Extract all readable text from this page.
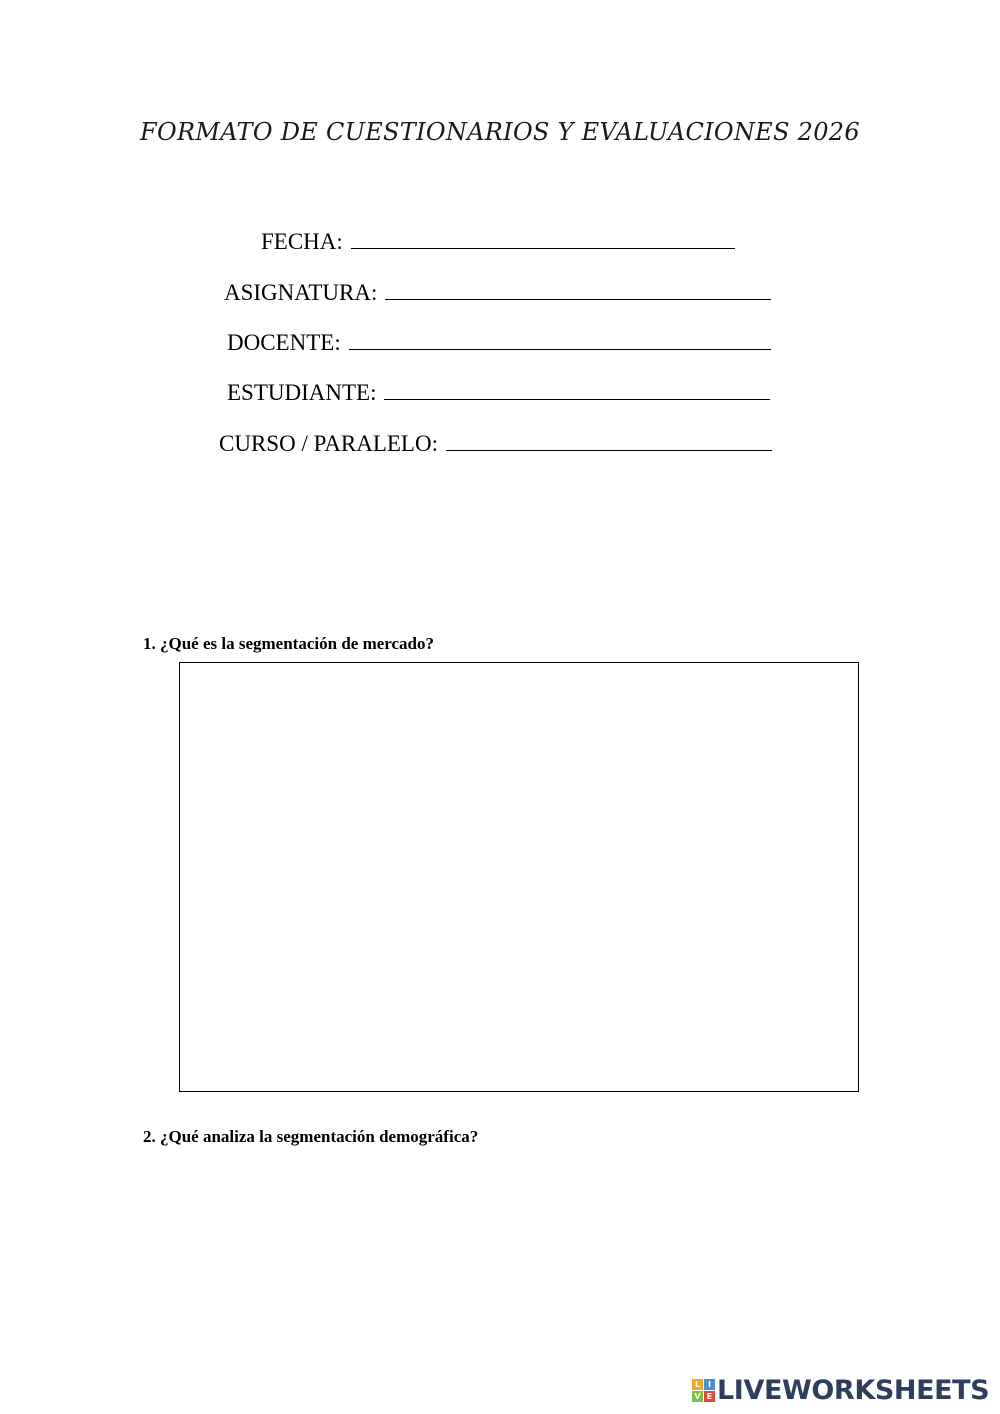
FORMATO DE CUESTIONARIOS Y EVALUACIONES 2026
FECHA:
ASIGNATURA:
DOCENTE:
ESTUDIANTE:
CURSO / PARALELO:
1. ¿Qué es la segmentación de mercado?
2. ¿Qué analiza la segmentación demográfica?
L I
V E LIVEWORKSHEETS
